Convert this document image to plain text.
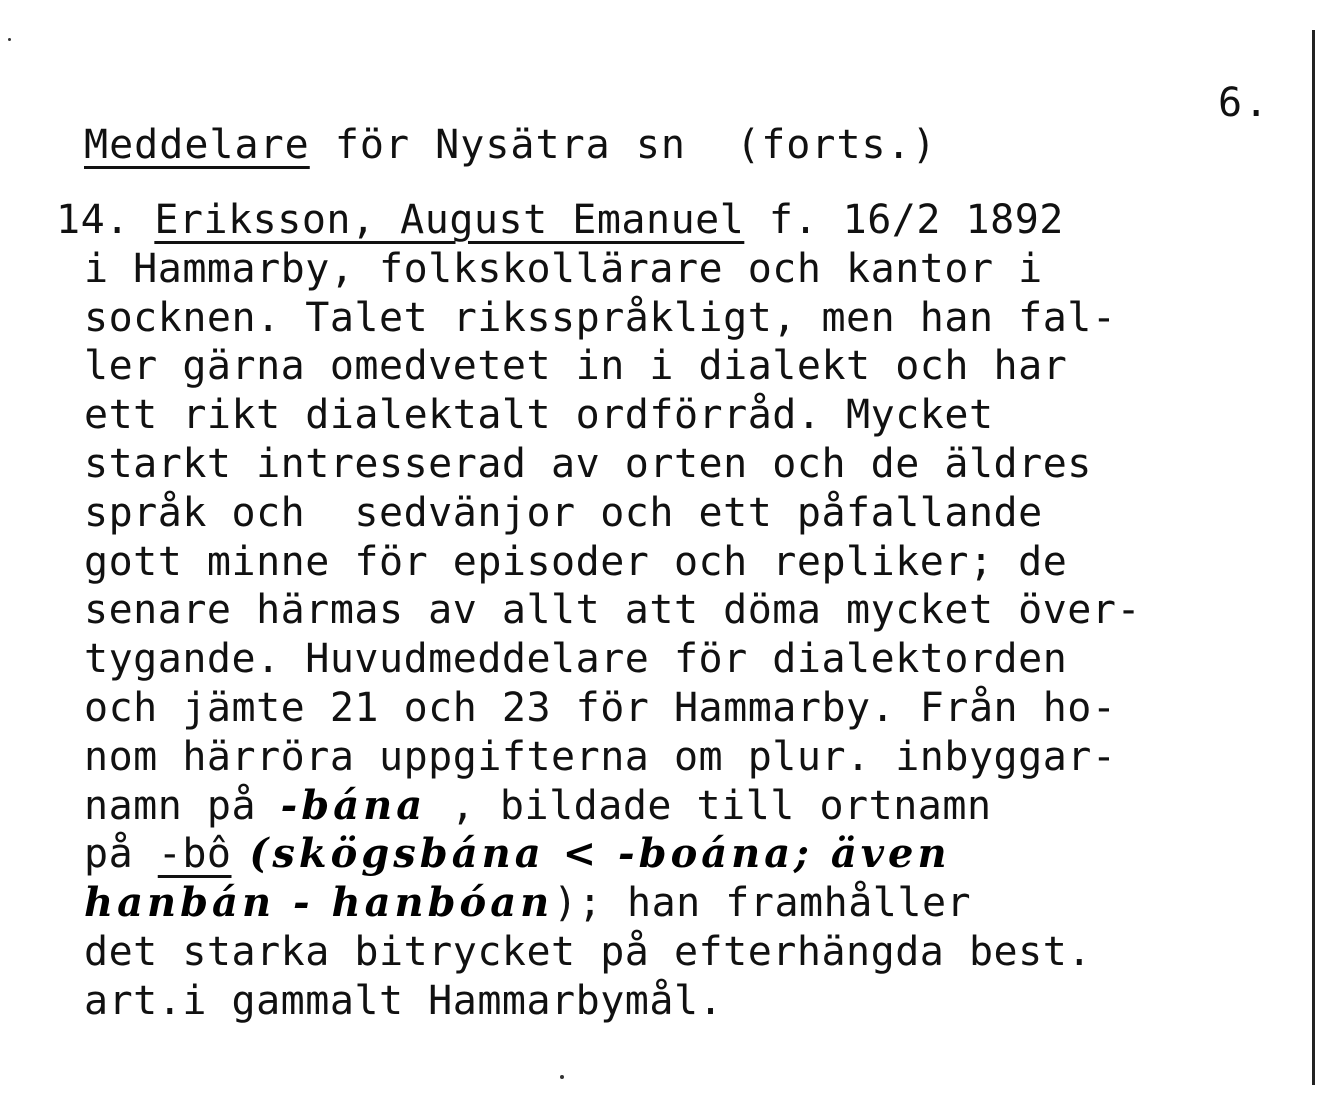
6.
Meddelare för Nysätra sn  (forts.)
14. Eriksson, August Emanuel f. 16/2 1892
i Hammarby, folkskollärare och kantor i
socknen. Talet riksspråkligt, men han fal-
ler gärna omedvetet in i dialekt och har
ett rikt dialektalt ordförråd. Mycket
starkt intresserad av orten och de äldres
språk och  sedvänjor och ett påfallande
gott minne för episoder och repliker; de
senare härmas av allt att döma mycket över-
tygande. Huvudmeddelare för dialektorden
och jämte 21 och 23 för Hammarby. Från ho-
nom härröra uppgifterna om plur. inbyggar-
namn på -bána , bildade till ortnamn
på -bô (skögsbána < -boána; även
hanbán - hanbóan); han framhåller
det starka bitrycket på efterhängda best.
art.i gammalt Hammarbymål.
